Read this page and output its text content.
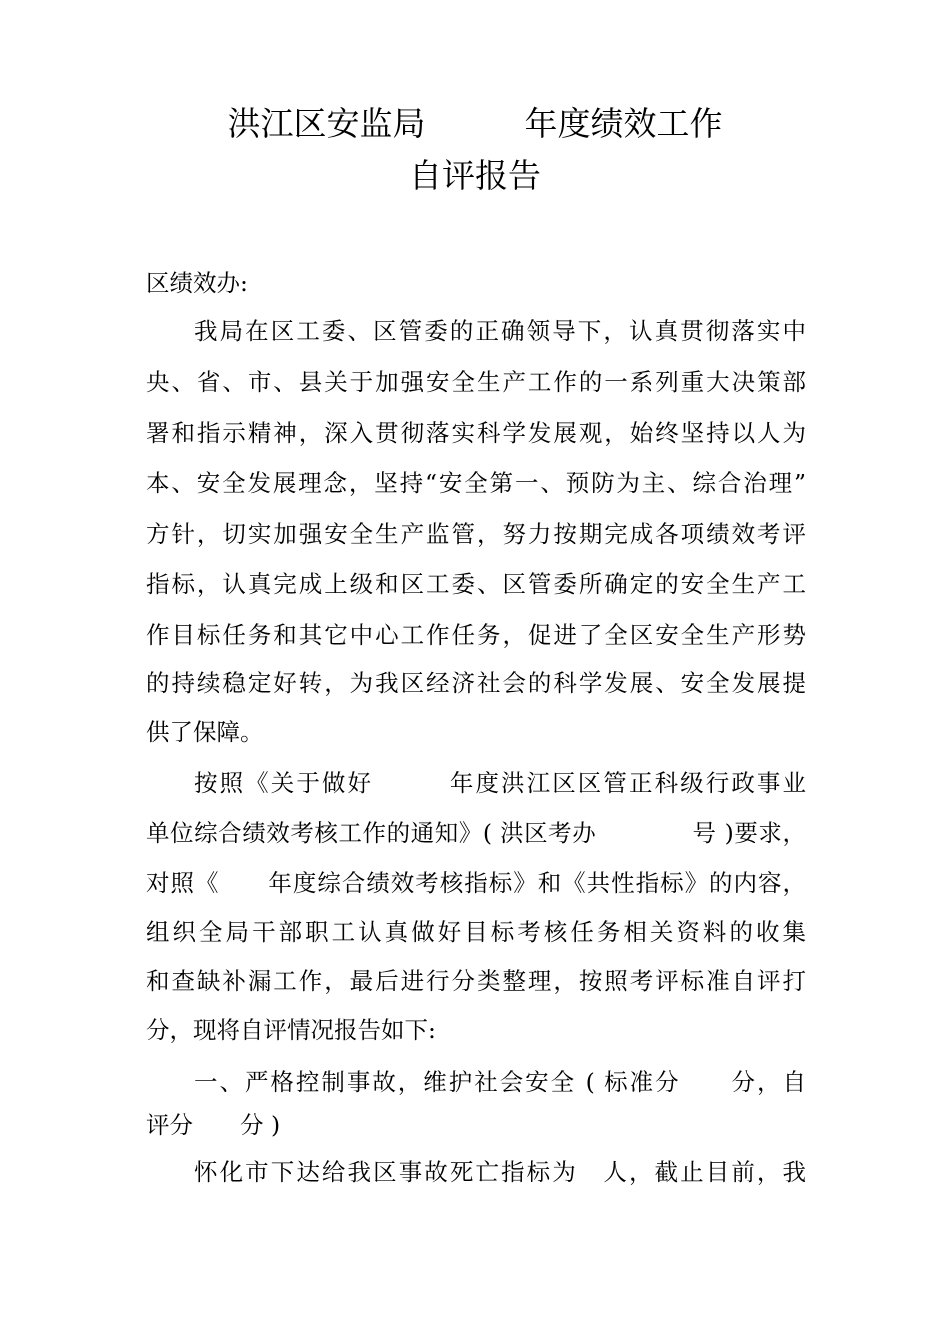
洪江区安监局　　　年度绩效工作
自评报告
区绩效办:
我局在区工委、区管委的正确领导下，认真贯彻落实中
央、省、市、县关于加强安全生产工作的一系列重大决策部
署和指示精神，深入贯彻落实科学发展观，始终坚持以人为
本、安全发展理念，坚持“安全第一、预防为主、综合治理”
方针，切实加强安全生产监管，努力按期完成各项绩效考评
指标，认真完成上级和区工委、区管委所确定的安全生产工
作目标任务和其它中心工作任务，促进了全区安全生产形势
的持续稳定好转，为我区经济社会的科学发展、安全发展提
供了保障。
按照《关于做好　　　年度洪江区区管正科级行政事业
单位综合绩效考核工作的通知》( 洪区考办　　　　号 )要求，
对照《　　年度综合绩效考核指标》和《共性指标》的内容，
组织全局干部职工认真做好目标考核任务相关资料的收集
和查缺补漏工作，最后进行分类整理，按照考评标准自评打
分，现将自评情况报告如下:
一、严格控制事故，维护社会安全 ( 标准分　　分，自
评分　　分 )
怀化市下达给我区事故死亡指标为　人，截止目前，我
